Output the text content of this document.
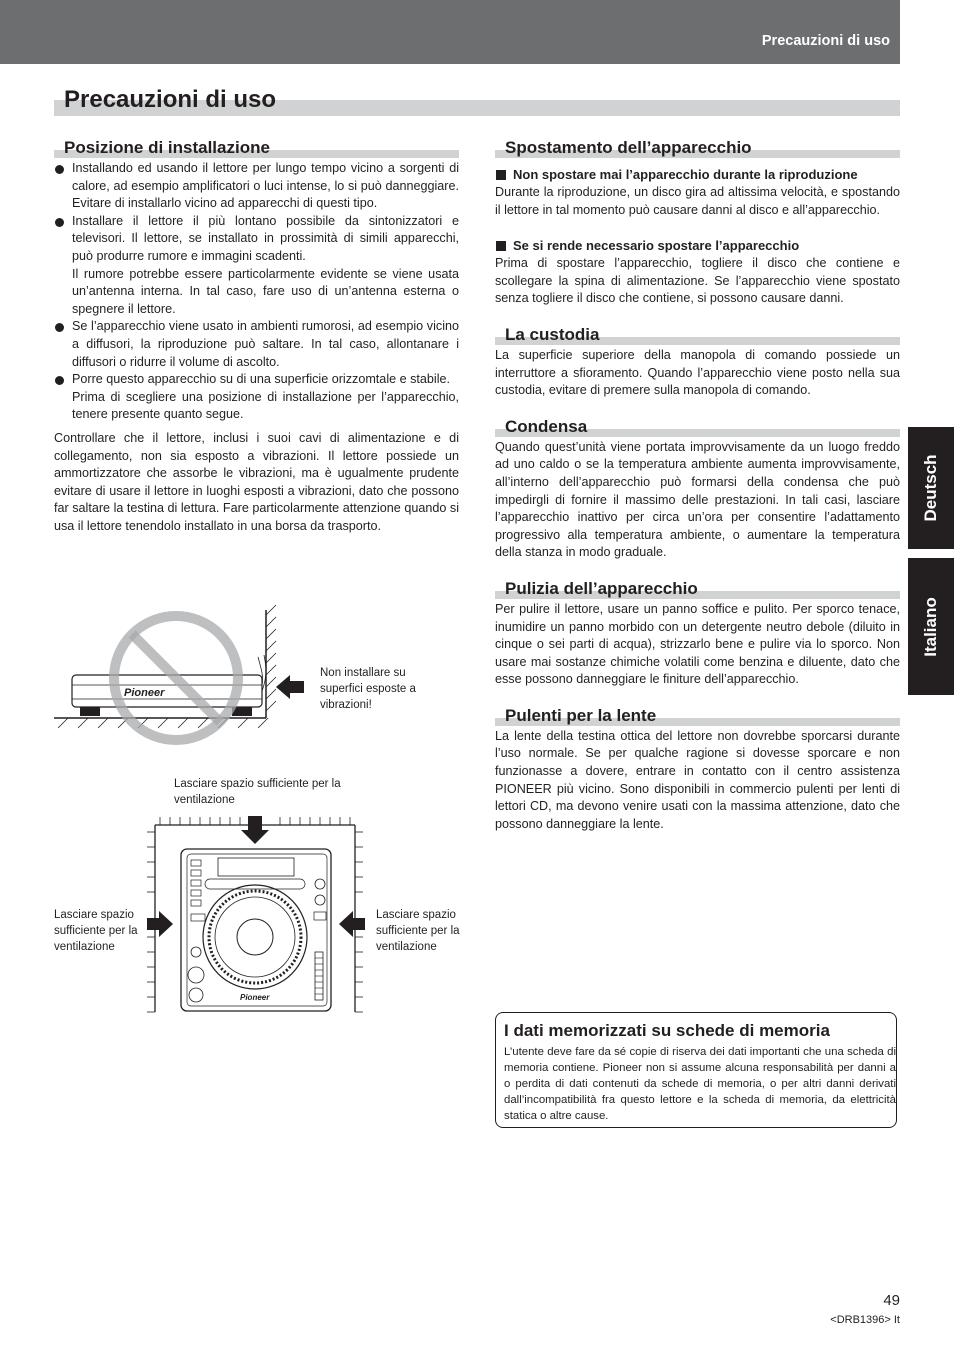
Precauzioni di uso
Precauzioni di uso
Posizione di installazione
Installando ed usando il lettore per lungo tempo vicino a sorgenti di calore, ad esempio amplificatori o luci intense, lo si può danneggiare. Evitare di installarlo vicino ad apparecchi di questi tipo.

Installare il lettore il più lontano possibile da sintonizzatori e televisori. Il lettore, se installato in prossimità di simili apparecchi, può produrre rumore e immagini scadenti.

Il rumore potrebbe essere particolarmente evidente se viene usata un’antenna interna. In tal caso, fare uso di un’antenna esterna o spegnere il lettore.

Se l’apparecchio viene usato in ambienti rumorosi, ad esempio vicino a diffusori, la riproduzione può saltare. In tal caso, allontanare i diffusori o ridurre il volume di ascolto.

Porre questo apparecchio su di una superficie orizzomtale e stabile.

Prima di scegliere una posizione di installazione per l’apparecchio, tenere presente quanto segue.

Controllare che il lettore, inclusi i suoi cavi di alimentazione e di collegamento, non sia esposto a vibrazioni. Il lettore possiede un ammortizzatore che assorbe le vibrazioni, ma è ugualmente prudente evitare di usare il lettore in luoghi esposti a vibrazioni, dato che possono far saltare la testina di lettura. Fare particolarmente attenzione quando si usa il lettore tenendolo installato in una borsa da trasporto.

Pioneer
Non installare su superfici esposte a vibrazioni!
Lasciare spazio sufficiente per la ventilazione
Lasciare spazio sufficiente per la ventilazione
Lasciare spazio sufficiente per la ventilazione
Pioneer
Spostamento dell’apparecchio
Non spostare mai l’apparecchio durante la riproduzione

Durante la riproduzione, un disco gira ad altissima velocità, e spostando il lettore in tal momento può causare danni al disco e all’apparecchio.

Se si rende necessario spostare l’apparecchio

Prima di spostare l’apparecchio, togliere il disco che contiene e scollegare la spina di alimentazione. Se l’apparecchio viene spostato senza togliere il disco che contiene, si possono causare danni.

La custodia

La superficie superiore della manopola di comando possiede un interruttore a sfioramento. Quando l’apparecchio viene posto nella sua custodia, evitare di premere sulla manopola di comando.

Condensa

Quando quest’unità viene portata improvvisamente da un luogo freddo ad uno caldo o se la temperatura ambiente aumenta improvvisamente, all’interno dell’apparecchio può formarsi della condensa che può impedirgli di fornire il massimo delle prestazioni. In tali casi, lasciare l’apparecchio inattivo per circa un’ora per consentire l’adattamento progressivo alla temperatura ambiente, o aumentare la temperatura della stanza in modo graduale.

Pulizia dell’apparecchio

Per pulire il lettore, usare un panno soffice e pulito. Per sporco tenace, inumidire un panno morbido con un detergente neutro debole (diluito in cinque o sei parti di acqua), strizzarlo bene e pulire via lo sporco. Non usare mai sostanze chimiche volatili come benzina e diluente, dato che esse possono danneggiare le finiture dell’apparecchio.

Pulenti per la lente

La lente della testina ottica del lettore non dovrebbe sporcarsi durante l’uso normale. Se per qualche ragione si dovesse sporcare e non funzionasse a dovere, entrare in contatto con il centro assistenza PIONEER più vicino. Sono disponibili in commercio pulenti per lenti di lettori CD, ma devono venire usati con la massima attenzione, dato che possono danneggiare la lente.

I dati memorizzati su schede di memoria

L’utente deve fare da sé copie di riserva dei dati importanti che una scheda di memoria contiene. Pioneer non si assume alcuna responsabilità per danni a o perdita di dati contenuti da schede di memoria, o per altri danni derivati dall’incompatibilità fra questo lettore e la scheda di memoria, da elettricità statica o altre cause.

Deutsch
Italiano
49
<DRB1396> It
